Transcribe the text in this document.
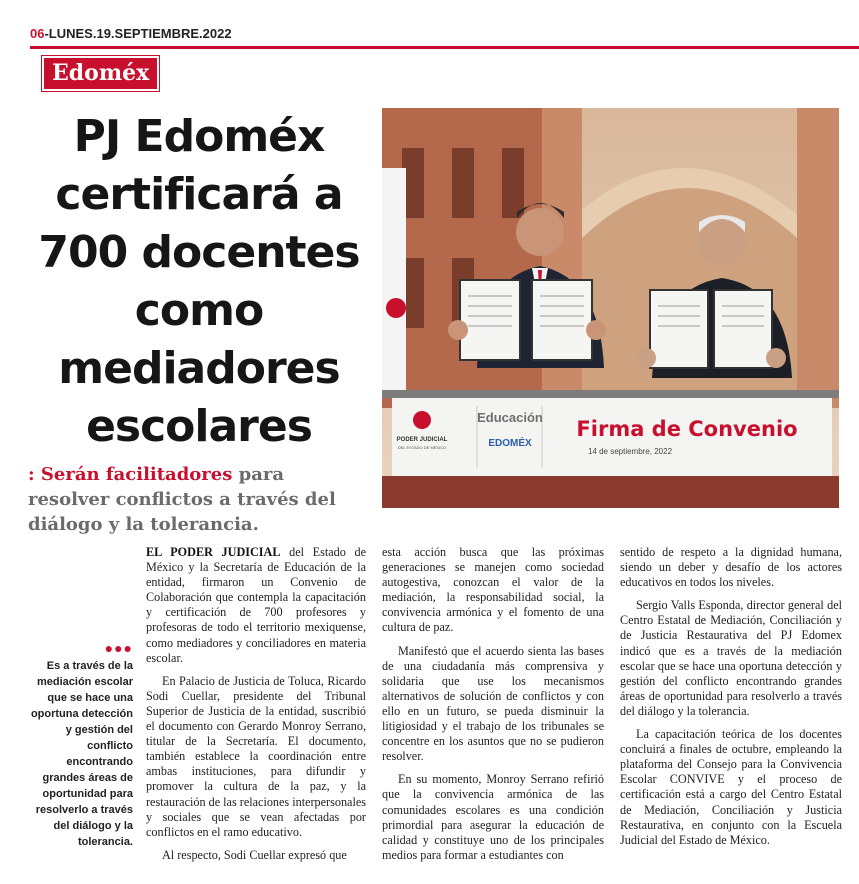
06-LUNES.19.SEPTIEMBRE.2022
Edoméx
PJ Edoméx
certificará a
700 docentes
como
mediadores
escolares
: Serán facilitadores para resolver conflictos a través del diálogo y la tolerancia.
PODER JUDICIAL
DEL ESTADO DE MÉXICO
Educación
EDOMÉX
Firma de Convenio
14 de septiembre, 2022
●●●
Es a través de la mediación escolar que se hace una oportuna detección y gestión del conflicto encontrando grandes áreas de oportunidad para resolverlo a través del diálogo y la tolerancia.

EL PODER JUDICIAL del Estado de México y la Secretaría de Educación de la entidad, firmaron un Convenio de Colaboración que contempla la capacitación y certificación de 700 profesores y profesoras de todo el territorio mexiquense, como mediadores y conciliadores en materia escolar.

En Palacio de Justicia de Toluca, Ricardo Sodi Cuellar, presidente del Tribunal Superior de Justicia de la entidad, suscribió el documento con Gerardo Monroy Serrano, titular de la Secretaría. El documento, también establece la coordinación entre ambas instituciones, para difundir y promover la cultura de la paz, y la restauración de las relaciones interpersonales y sociales que se vean afectadas por conflictos en el ramo educativo.

Al respecto, Sodi Cuellar expresó que

esta acción busca que las próximas generaciones se manejen como sociedad autogestiva, conozcan el valor de la mediación, la responsabilidad social, la convivencia armónica y el fomento de una cultura de paz.

Manifestó que el acuerdo sienta las bases de una ciudadanía más comprensiva y solidaria que use los mecanismos alternativos de solución de conflictos y con ello en un futuro, se pueda disminuir la litigiosidad y el trabajo de los tribunales se concentre en los asuntos que no se pudieron resolver.

En su momento, Monroy Serrano refirió que la convivencia armónica de las comunidades escolares es una condición primordial para asegurar la educación de calidad y constituye uno de los principales medios para formar a estudiantes con

sentido de respeto a la dignidad humana, siendo un deber y desafío de los actores educativos en todos los niveles.

Sergio Valls Esponda, director general del Centro Estatal de Mediación, Conciliación y de Justicia Restaurativa del PJ Edomex indicó que es a través de la mediación escolar que se hace una oportuna detección y gestión del conflicto encontrando grandes áreas de oportunidad para resolverlo a través del diálogo y la tolerancia.

La capacitación teórica de los docentes concluirá a finales de octubre, empleando la plataforma del Consejo para la Convivencia Escolar CONVIVE y el proceso de certificación está a cargo del Centro Estatal de Mediación, Conciliación y Justicia Restaurativa, en conjunto con la Escuela Judicial del Estado de México.
